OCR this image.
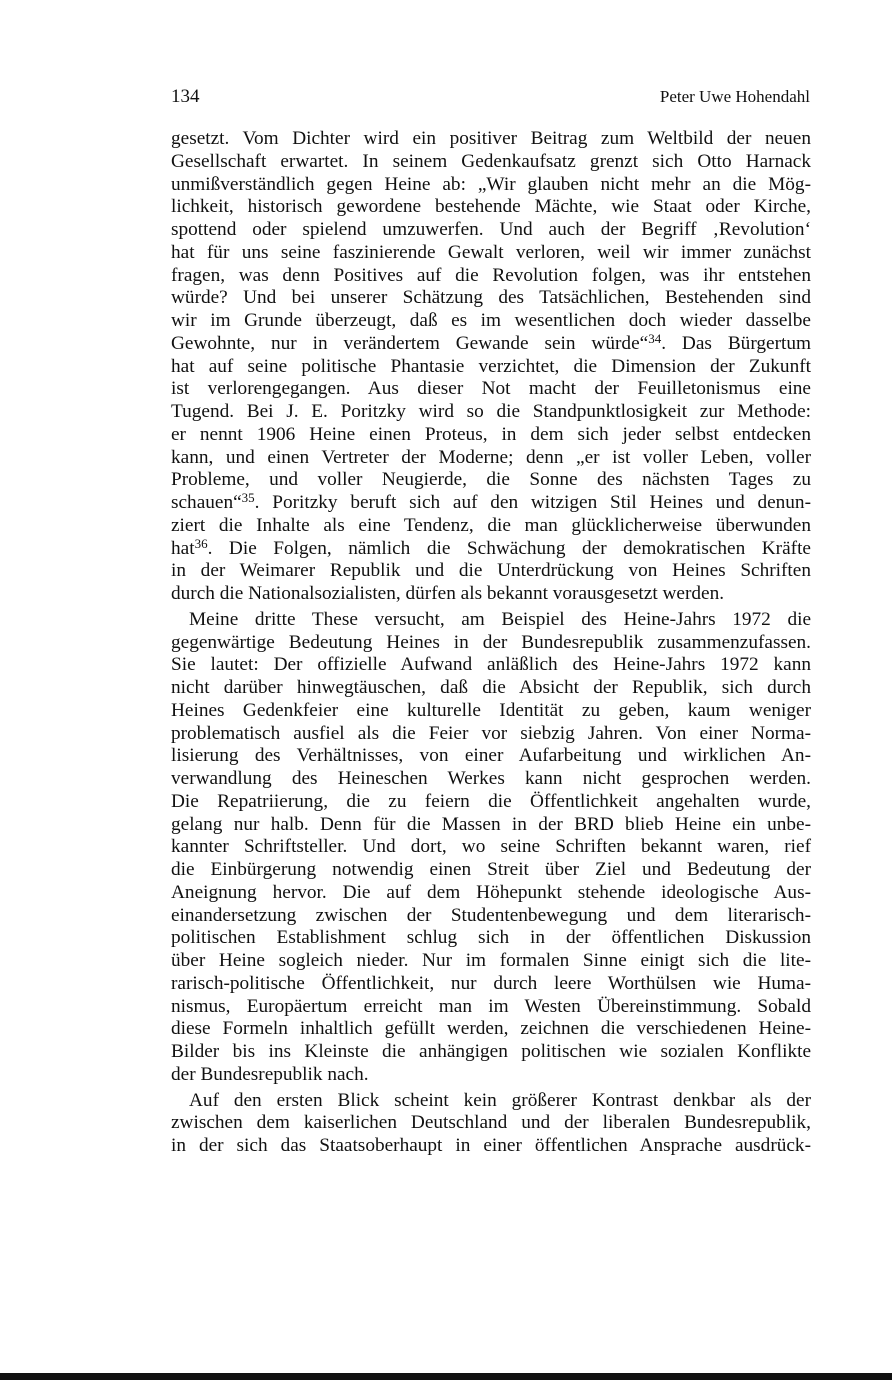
134	Peter Uwe Hohendahl

gesetzt. Vom Dichter wird ein positiver Beitrag zum Weltbild der neuen
Gesellschaft erwartet. In seinem Gedenkaufsatz grenzt sich Otto Harnack
unmißverständlich gegen Heine ab: „Wir glauben nicht mehr an die Mög-
lichkeit, historisch gewordene bestehende Mächte, wie Staat oder Kirche,
spottend oder spielend umzuwerfen. Und auch der Begriff ‚Revolution‘
hat für uns seine faszinierende Gewalt verloren, weil wir immer zunächst
fragen, was denn Positives auf die Revolution folgen, was ihr entstehen
würde? Und bei unserer Schätzung des Tatsächlichen, Bestehenden sind
wir im Grunde überzeugt, daß es im wesentlichen doch wieder dasselbe
Gewohnte, nur in verändertem Gewande sein würde“$^{34}$. Das Bürgertum
hat auf seine politische Phantasie verzichtet, die Dimension der Zukunft
ist verlorengegangen. Aus dieser Not macht der Feuilletonismus eine
Tugend. Bei J. E. Poritzky wird so die Standpunktlosigkeit zur Methode:
er nennt 1906 Heine einen Proteus, in dem sich jeder selbst entdecken
kann, und einen Vertreter der Moderne; denn „er ist voller Leben, voller
Probleme, und voller Neugierde, die Sonne des nächsten Tages zu
schauen“$^{35}$. Poritzky beruft sich auf den witzigen Stil Heines und denun-
ziert die Inhalte als eine Tendenz, die man glücklicherweise überwunden
hat$^{36}$. Die Folgen, nämlich die Schwächung der demokratischen Kräfte
in der Weimarer Republik und die Unterdrückung von Heines Schriften
durch die Nationalsozialisten, dürfen als bekannt vorausgesetzt werden.

Meine dritte These versucht, am Beispiel des Heine-Jahrs 1972 die
gegenwärtige Bedeutung Heines in der Bundesrepublik zusammenzufassen.
Sie lautet: Der offizielle Aufwand anläßlich des Heine-Jahrs 1972 kann
nicht darüber hinwegtäuschen, daß die Absicht der Republik, sich durch
Heines Gedenkfeier eine kulturelle Identität zu geben, kaum weniger
problematisch ausfiel als die Feier vor siebzig Jahren. Von einer Norma-
lisierung des Verhältnisses, von einer Aufarbeitung und wirklichen An-
verwandlung des Heineschen Werkes kann nicht gesprochen werden.
Die Repatriierung, die zu feiern die Öffentlichkeit angehalten wurde,
gelang nur halb. Denn für die Massen in der BRD blieb Heine ein unbe-
kannter Schriftsteller. Und dort, wo seine Schriften bekannt waren, rief
die Einbürgerung notwendig einen Streit über Ziel und Bedeutung der
Aneignung hervor. Die auf dem Höhepunkt stehende ideologische Aus-
einandersetzung zwischen der Studentenbewegung und dem literarisch-
politischen Establishment schlug sich in der öffentlichen Diskussion
über Heine sogleich nieder. Nur im formalen Sinne einigt sich die lite-
rarisch-politische Öffentlichkeit, nur durch leere Worthülsen wie Huma-
nismus, Europäertum erreicht man im Westen Übereinstimmung. Sobald
diese Formeln inhaltlich gefüllt werden, zeichnen die verschiedenen Heine-
Bilder bis ins Kleinste die anhängigen politischen wie sozialen Konflikte
der Bundesrepublik nach.

Auf den ersten Blick scheint kein größerer Kontrast denkbar als der
zwischen dem kaiserlichen Deutschland und der liberalen Bundesrepublik,
in der sich das Staatsoberhaupt in einer öffentlichen Ansprache ausdrück-
